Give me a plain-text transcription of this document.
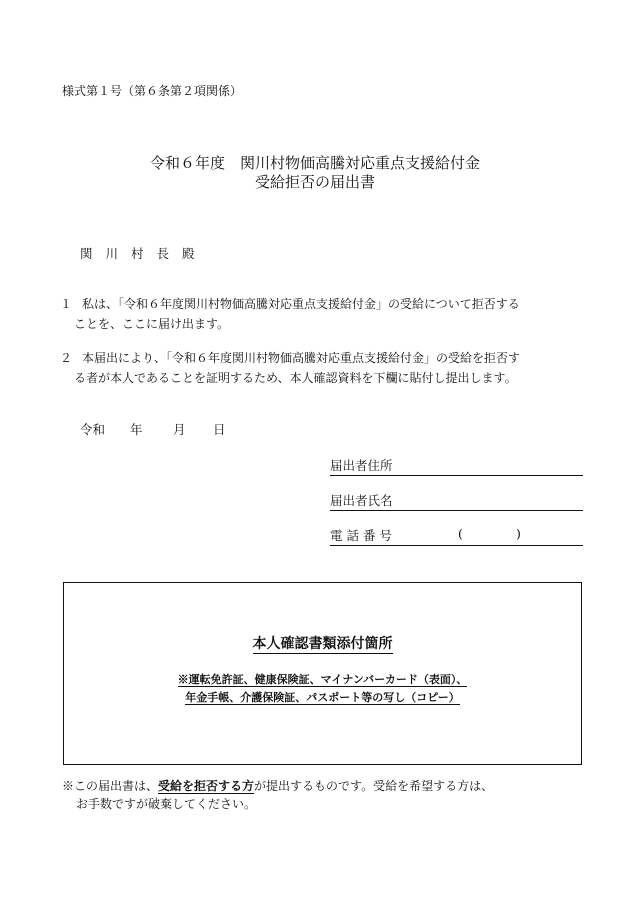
様式第１号（第６条第２項関係）
令和６年度　関川村物価高騰対応重点支援給付金
受給拒否の届出書
関川村長殿
１ 私は、「令和６年度関川村物価高騰対応重点支援給付金」の受給について拒否する
ことを、ここに届け出ます。
２ 本届出により、「令和６年度関川村物価高騰対応重点支援給付金」の受給を拒否す
る者が本人であることを証明するため、本人確認資料を下欄に貼付し提出します。
令和 年 月 日
届出者住所
届出者氏名
電話番号	(	)
本人確認書類添付箇所
※運転免許証、健康保険証、マイナンバーカード（表面）、
年金手帳、介護保険証、パスポート等の写し（コピー）
※この届出書は、受給を拒否する方が提出するものです。受給を希望する方は、
お手数ですが破棄してください。
